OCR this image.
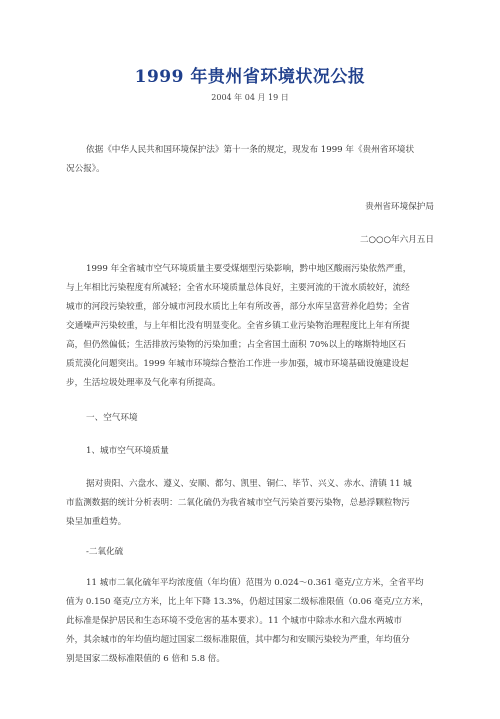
1999 年贵州省环境状况公报
2004 年 04 月 19 日
依据《中华人民共和国环境保护法》第十一条的规定，现发布 1999 年《贵州省环境状
况公报》。
贵州省环境保护局
二○○○年六月五日
1999 年全省城市空气环境质量主要受煤烟型污染影响，黔中地区酸雨污染依然严重，
与上年相比污染程度有所减轻；全省水环境质量总体良好，主要河流的干流水质较好，流经
城市的河段污染较重，部分城市河段水质比上年有所改善，部分水库呈富营养化趋势；全省
交通噪声污染较重，与上年相比没有明显变化。全省乡镇工业污染物治理程度比上年有所提
高，但仍然偏低；生活排放污染物的污染加重；占全省国土面积 70%以上的喀斯特地区石
质荒漠化问题突出。1999 年城市环境综合整治工作进一步加强，城市环境基础设施建设起
步，生活垃圾处理率及气化率有所提高。
一、空气环境
1、城市空气环境质量
据对贵阳、六盘水、遵义、安顺、都匀、凯里、铜仁、毕节、兴义、赤水、清镇 11 城
市监测数据的统计分析表明：二氧化硫仍为我省城市空气污染首要污染物，总悬浮颗粒物污
染呈加重趋势。
-二氧化硫
11 城市二氧化硫年平均浓度值（年均值）范围为 0.024～0.361 毫克/立方米，全省平均
值为 0.150 毫克/立方米，比上年下降 13.3%，仍超过国家二级标准限值（0.06 毫克/立方米，
此标准是保护居民和生态环境不受危害的基本要求）。11 个城市中除赤水和六盘水两城市
外，其余城市的年均值均超过国家二级标准限值，其中都匀和安顺污染较为严重，年均值分
别是国家二级标准限值的 6 倍和 5.8 倍。
